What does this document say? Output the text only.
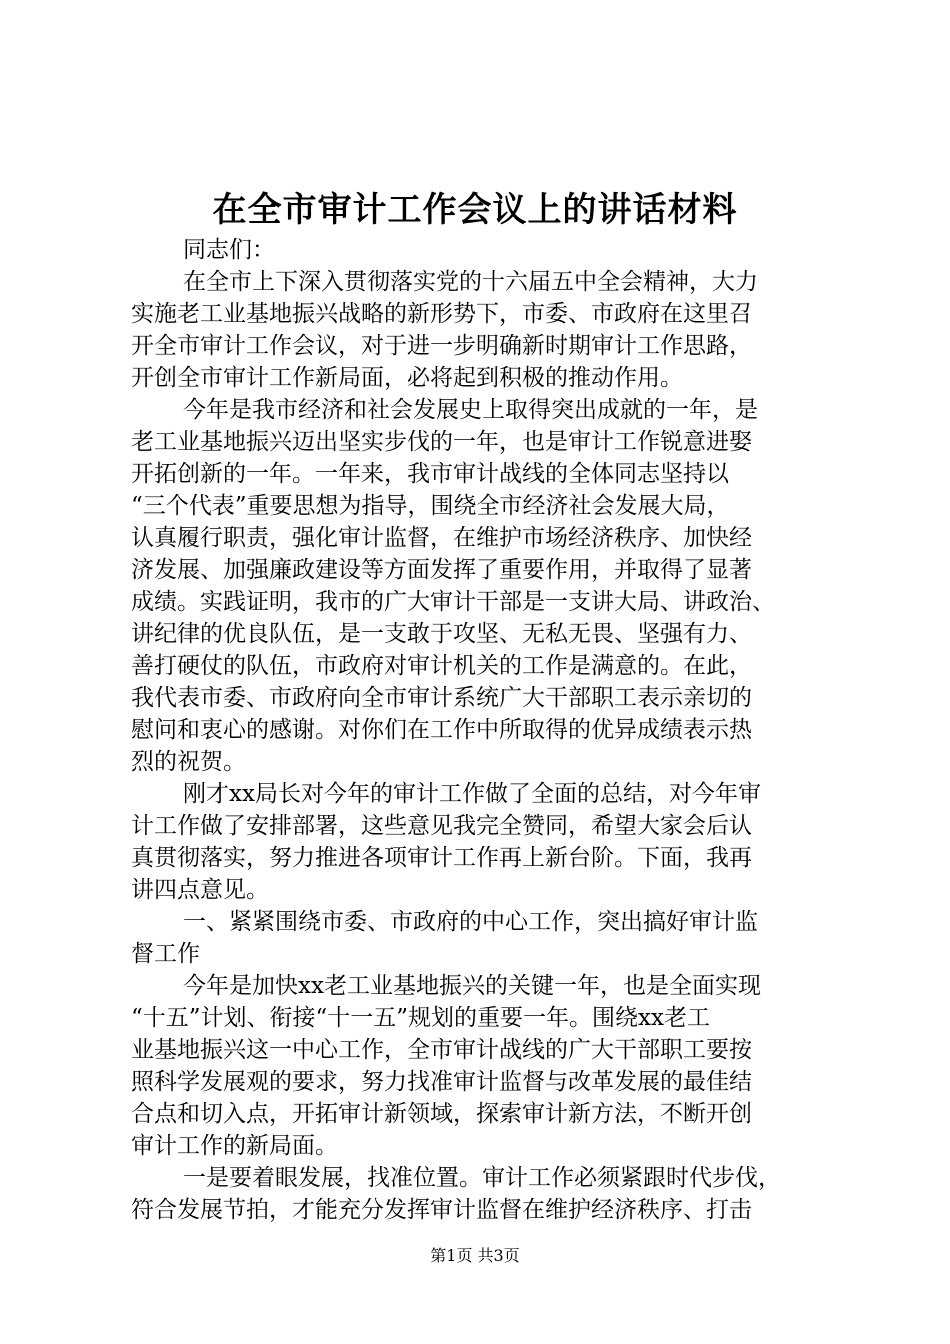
在全市审计工作会议上的讲话材料
同志们：
在全市上下深入贯彻落实党的十六届五中全会精神，大力
实施老工业基地振兴战略的新形势下，市委、市政府在这里召
开全市审计工作会议，对于进一步明确新时期审计工作思路，
开创全市审计工作新局面，必将起到积极的推动作用。
今年是我市经济和社会发展史上取得突出成就的一年，是
老工业基地振兴迈出坚实步伐的一年，也是审计工作锐意进娶
开拓创新的一年。一年来，我市审计战线的全体同志坚持以
“三个代表”重要思想为指导，围绕全市经济社会发展大局，
认真履行职责，强化审计监督，在维护市场经济秩序、加快经
济发展、加强廉政建设等方面发挥了重要作用，并取得了显著
成绩。实践证明，我市的广大审计干部是一支讲大局、讲政治、
讲纪律的优良队伍，是一支敢于攻坚、无私无畏、坚强有力、
善打硬仗的队伍，市政府对审计机关的工作是满意的。在此，
我代表市委、市政府向全市审计系统广大干部职工表示亲切的
慰问和衷心的感谢。对你们在工作中所取得的优异成绩表示热
烈的祝贺。
刚才xx局长对今年的审计工作做了全面的总结，对今年审
计工作做了安排部署，这些意见我完全赞同，希望大家会后认
真贯彻落实，努力推进各项审计工作再上新台阶。下面，我再
讲四点意见。
一、紧紧围绕市委、市政府的中心工作，突出搞好审计监
督工作
今年是加快xx老工业基地振兴的关键一年，也是全面实现
“十五”计划、衔接“十一五”规划的重要一年。围绕xx老工
业基地振兴这一中心工作，全市审计战线的广大干部职工要按
照科学发展观的要求，努力找准审计监督与改革发展的最佳结
合点和切入点，开拓审计新领域，探索审计新方法，不断开创
审计工作的新局面。
一是要着眼发展，找准位置。审计工作必须紧跟时代步伐，
符合发展节拍，才能充分发挥审计监督在维护经济秩序、打击
第1页 共3页
